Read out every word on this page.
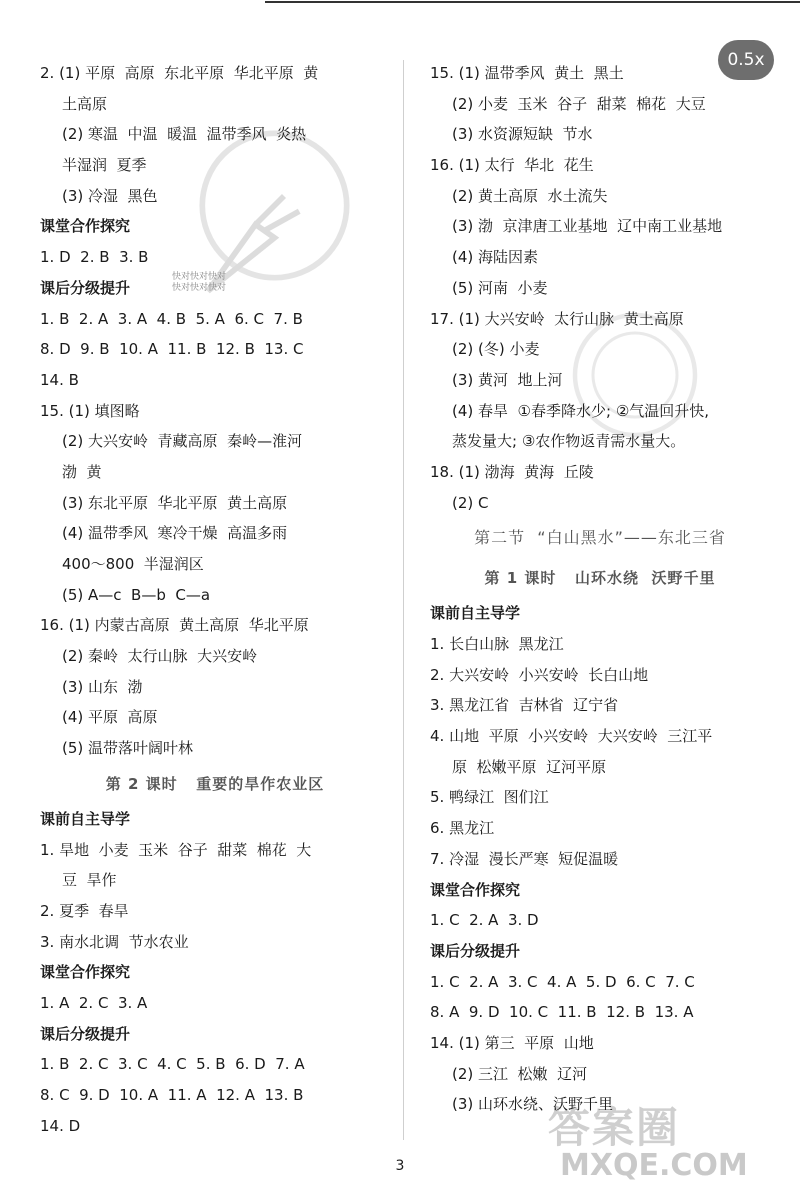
快对快对快对
快对快对快对
答案圈
MXQE.COM
2. (1) 平原  高原  东北平原  华北平原  黄
土高原
(2) 寒温  中温  暖温  温带季风  炎热
半湿润  夏季
(3) 冷湿  黑色
课堂合作探究
1. D  2. B  3. B
课后分级提升
1. B  2. A  3. A  4. B  5. A  6. C  7. B
8. D  9. B  10. A  11. B  12. B  13. C
14. B
15. (1) 填图略
(2) 大兴安岭  青藏高原  秦岭—淮河
渤  黄
(3) 东北平原  华北平原  黄土高原
(4) 温带季风  寒冷干燥  高温多雨
400～800  半湿润区
(5) A—c  B—b  C—a
16. (1) 内蒙古高原  黄土高原  华北平原
(2) 秦岭  太行山脉  大兴安岭
(3) 山东  渤
(4) 平原  高原
(5) 温带落叶阔叶林
第 2 课时   重要的旱作农业区
课前自主导学
1. 旱地  小麦  玉米  谷子  甜菜  棉花  大
豆  旱作
2. 夏季  春旱
3. 南水北调  节水农业
课堂合作探究
1. A  2. C  3. A
课后分级提升
1. B  2. C  3. C  4. C  5. B  6. D  7. A
8. C  9. D  10. A  11. A  12. A  13. B
14. D
15. (1) 温带季风  黄土  黑土
(2) 小麦  玉米  谷子  甜菜  棉花  大豆
(3) 水资源短缺  节水
16. (1) 太行  华北  花生
(2) 黄土高原  水土流失
(3) 渤  京津唐工业基地  辽中南工业基地
(4) 海陆因素
(5) 河南  小麦
17. (1) 大兴安岭  太行山脉  黄土高原
(2) (冬) 小麦
(3) 黄河  地上河
(4) 春旱  ①春季降水少; ②气温回升快,
蒸发量大; ③农作物返青需水量大。
18. (1) 渤海  黄海  丘陵
(2) C
第二节  “白山黑水”——东北三省
第 1 课时   山环水绕  沃野千里
课前自主导学
1. 长白山脉  黑龙江
2. 大兴安岭  小兴安岭  长白山地
3. 黑龙江省  吉林省  辽宁省
4. 山地  平原  小兴安岭  大兴安岭  三江平
原  松嫩平原  辽河平原
5. 鸭绿江  图们江
6. 黑龙江
7. 冷湿  漫长严寒  短促温暖
课堂合作探究
1. C  2. A  3. D
课后分级提升
1. C  2. A  3. C  4. A  5. D  6. C  7. C
8. A  9. D  10. C  11. B  12. B  13. A
14. (1) 第三  平原  山地
(2) 三江  松嫩  辽河
(3) 山环水绕、沃野千里
0.5x
3
